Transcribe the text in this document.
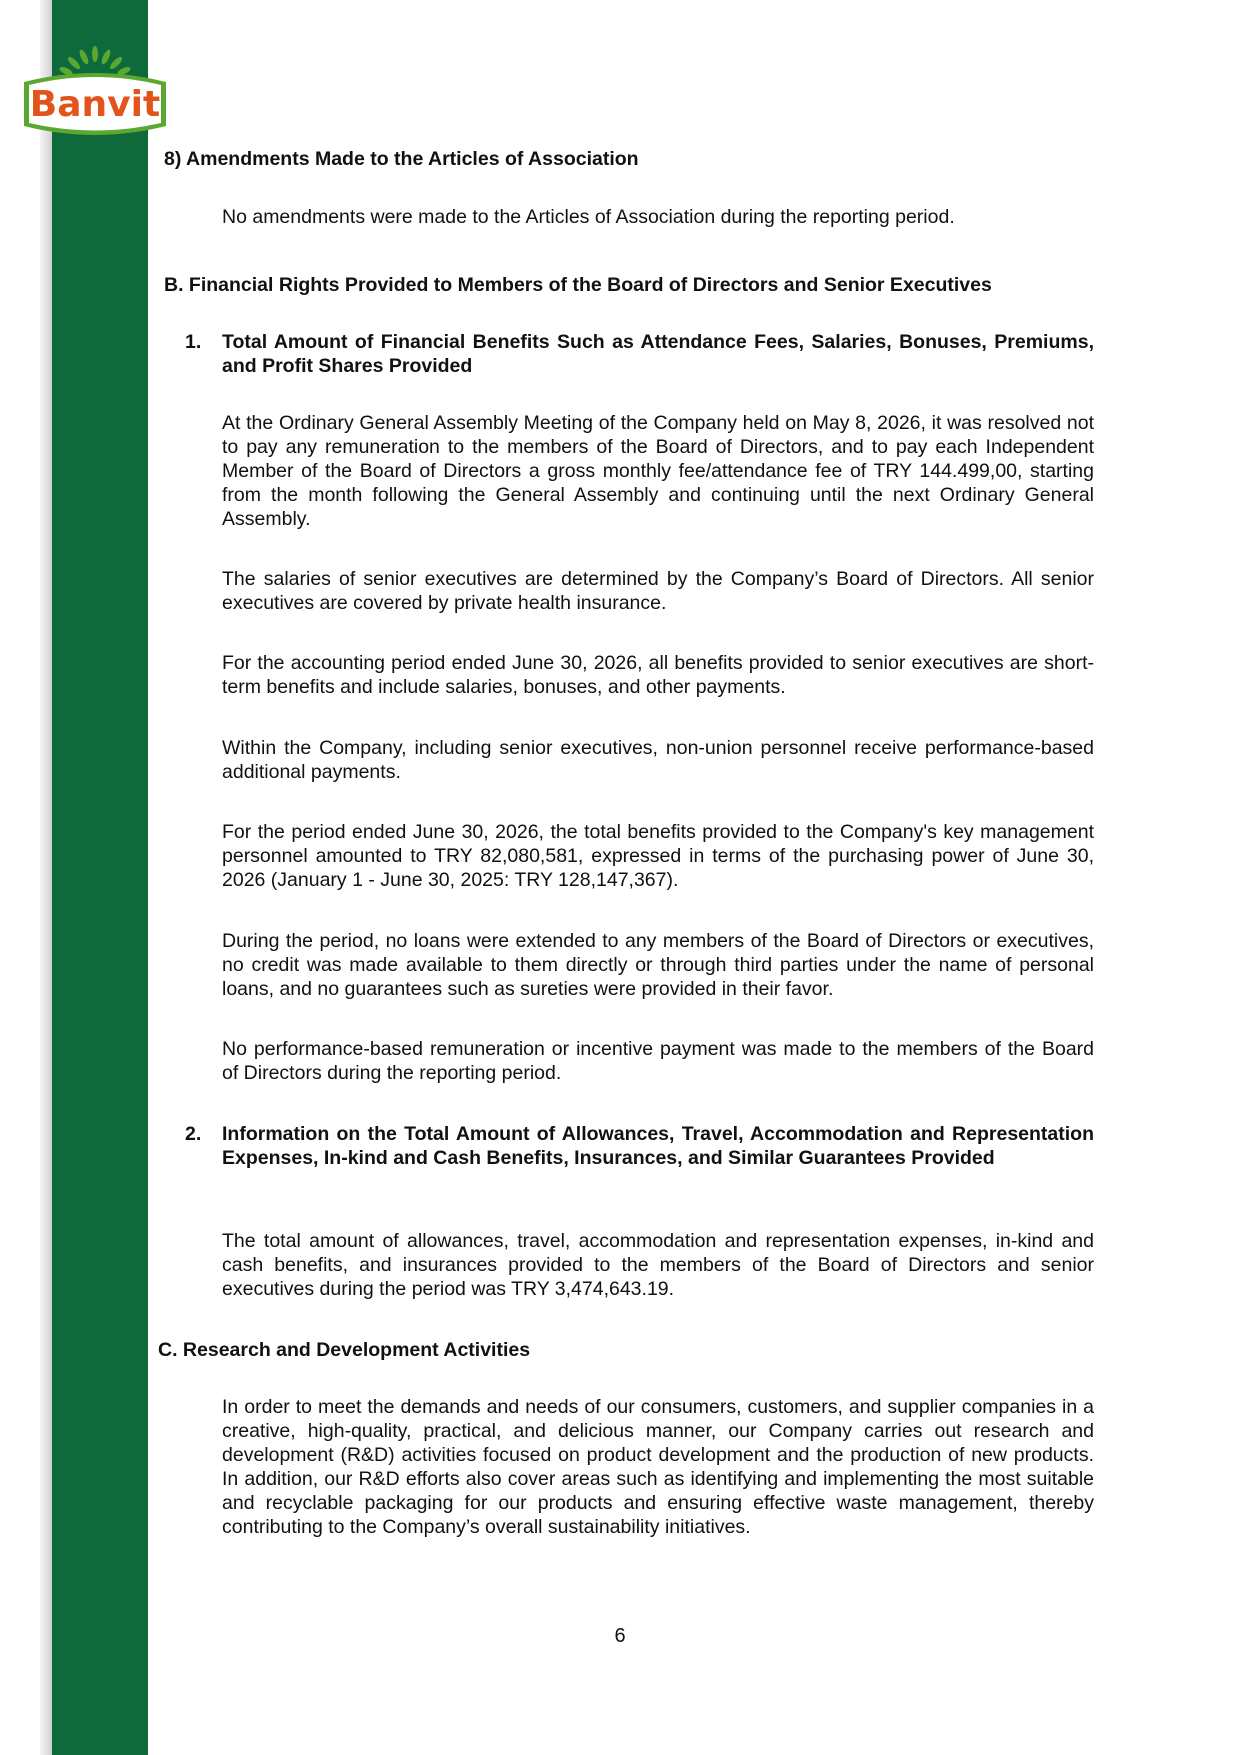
Banvit
8) Amendments Made to the Articles of Association

No amendments were made to the Articles of Association during the reporting period.

B. Financial Rights Provided to Members of the Board of Directors and Senior Executives
1. Total Amount of Financial Benefits Such as Attendance Fees, Salaries, Bonuses, Premiums, and Profit Shares Provided

At the Ordinary General Assembly Meeting of the Company held on May 8, 2026, it was resolved not to pay any remuneration to the members of the Board of Directors, and to pay each Independent Member of the Board of Directors a gross monthly fee/attendance fee of TRY 144.499,00, starting from the month following the General Assembly and continuing until the next Ordinary General Assembly.

The salaries of senior executives are determined by the Company’s Board of Directors. All senior executives are covered by private health insurance.

For the accounting period ended June 30, 2026, all benefits provided to senior executives are short-term benefits and include salaries, bonuses, and other payments.

Within the Company, including senior executives, non-union personnel receive performance-based additional payments.

For the period ended June 30, 2026, the total benefits provided to the Company's key management personnel amounted to TRY 82,080,581, expressed in terms of the purchasing power of June 30, 2026 (January 1 - June 30, 2025: TRY 128,147,367).

During the period, no loans were extended to any members of the Board of Directors or executives, no credit was made available to them directly or through third parties under the name of personal loans, and no guarantees such as sureties were provided in their favor.

No performance-based remuneration or incentive payment was made to the members of the Board of Directors during the reporting period.

2. Information on the Total Amount of Allowances, Travel, Accommodation and Representation Expenses, In-kind and Cash Benefits, Insurances, and Similar Guarantees Provided

The total amount of allowances, travel, accommodation and representation expenses, in-kind and cash benefits, and insurances provided to the members of the Board of Directors and senior executives during the period was TRY 3,474,643.19.

C. Research and Development Activities

In order to meet the demands and needs of our consumers, customers, and supplier companies in a creative, high-quality, practical, and delicious manner, our Company carries out research and development (R&D) activities focused on product development and the production of new products. In addition, our R&D efforts also cover areas such as identifying and implementing the most suitable and recyclable packaging for our products and ensuring effective waste management, thereby contributing to the Company’s overall sustainability initiatives.

6
